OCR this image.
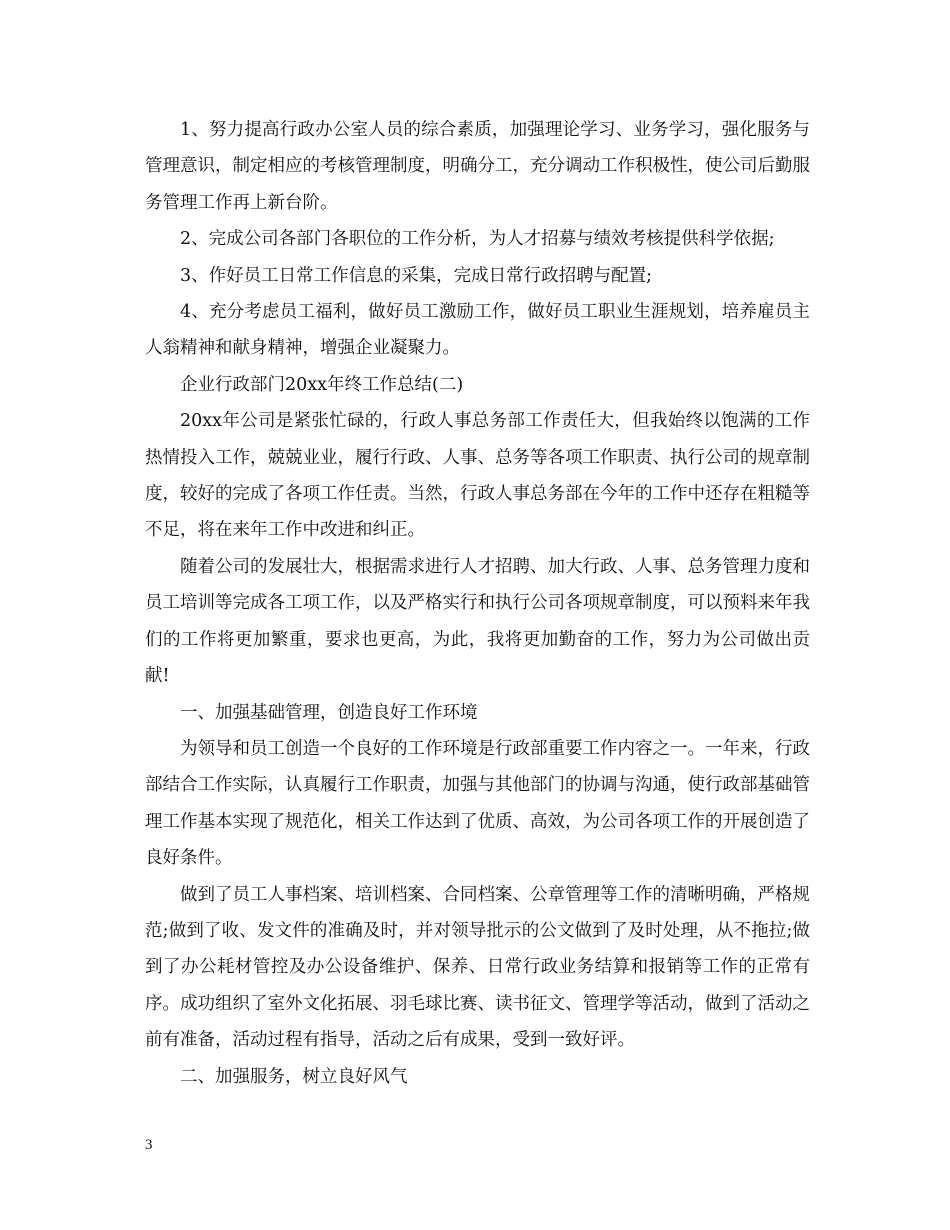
1、努力提高行政办公室人员的综合素质，加强理论学习、业务学习，强化服务与管理意识，制定相应的考核管理制度，明确分工，充分调动工作积极性，使公司后勤服务管理工作再上新台阶。

2、完成公司各部门各职位的工作分析，为人才招募与绩效考核提供科学依据;

3、作好员工日常工作信息的采集，完成日常行政招聘与配置;

4、充分考虑员工福利，做好员工激励工作，做好员工职业生涯规划，培养雇员主人翁精神和献身精神，增强企业凝聚力。

企业行政部门20xx年终工作总结(二)

20xx年公司是紧张忙碌的，行政人事总务部工作责任大，但我始终以饱满的工作热情投入工作，兢兢业业，履行行政、人事、总务等各项工作职责、执行公司的规章制度，较好的完成了各项工作任责。当然，行政人事总务部在今年的工作中还存在粗糙等不足，将在来年工作中改进和纠正。

随着公司的发展壮大，根据需求进行人才招聘、加大行政、人事、总务管理力度和员工培训等完成各工项工作，以及严格实行和执行公司各项规章制度，可以预料来年我们的工作将更加繁重，要求也更高，为此，我将更加勤奋的工作，努力为公司做出贡献!

一、加强基础管理，创造良好工作环境

为领导和员工创造一个良好的工作环境是行政部重要工作内容之一。一年来，行政部结合工作实际，认真履行工作职责，加强与其他部门的协调与沟通，使行政部基础管理工作基本实现了规范化，相关工作达到了优质、高效，为公司各项工作的开展创造了良好条件。

做到了员工人事档案、培训档案、合同档案、公章管理等工作的清晰明确，严格规范;做到了收、发文件的准确及时，并对领导批示的公文做到了及时处理，从不拖拉;做到了办公耗材管控及办公设备维护、保养、日常行政业务结算和报销等工作的正常有序。成功组织了室外文化拓展、羽毛球比赛、读书征文、管理学等活动，做到了活动之前有准备，活动过程有指导，活动之后有成果，受到一致好评。

二、加强服务，树立良好风气

3
